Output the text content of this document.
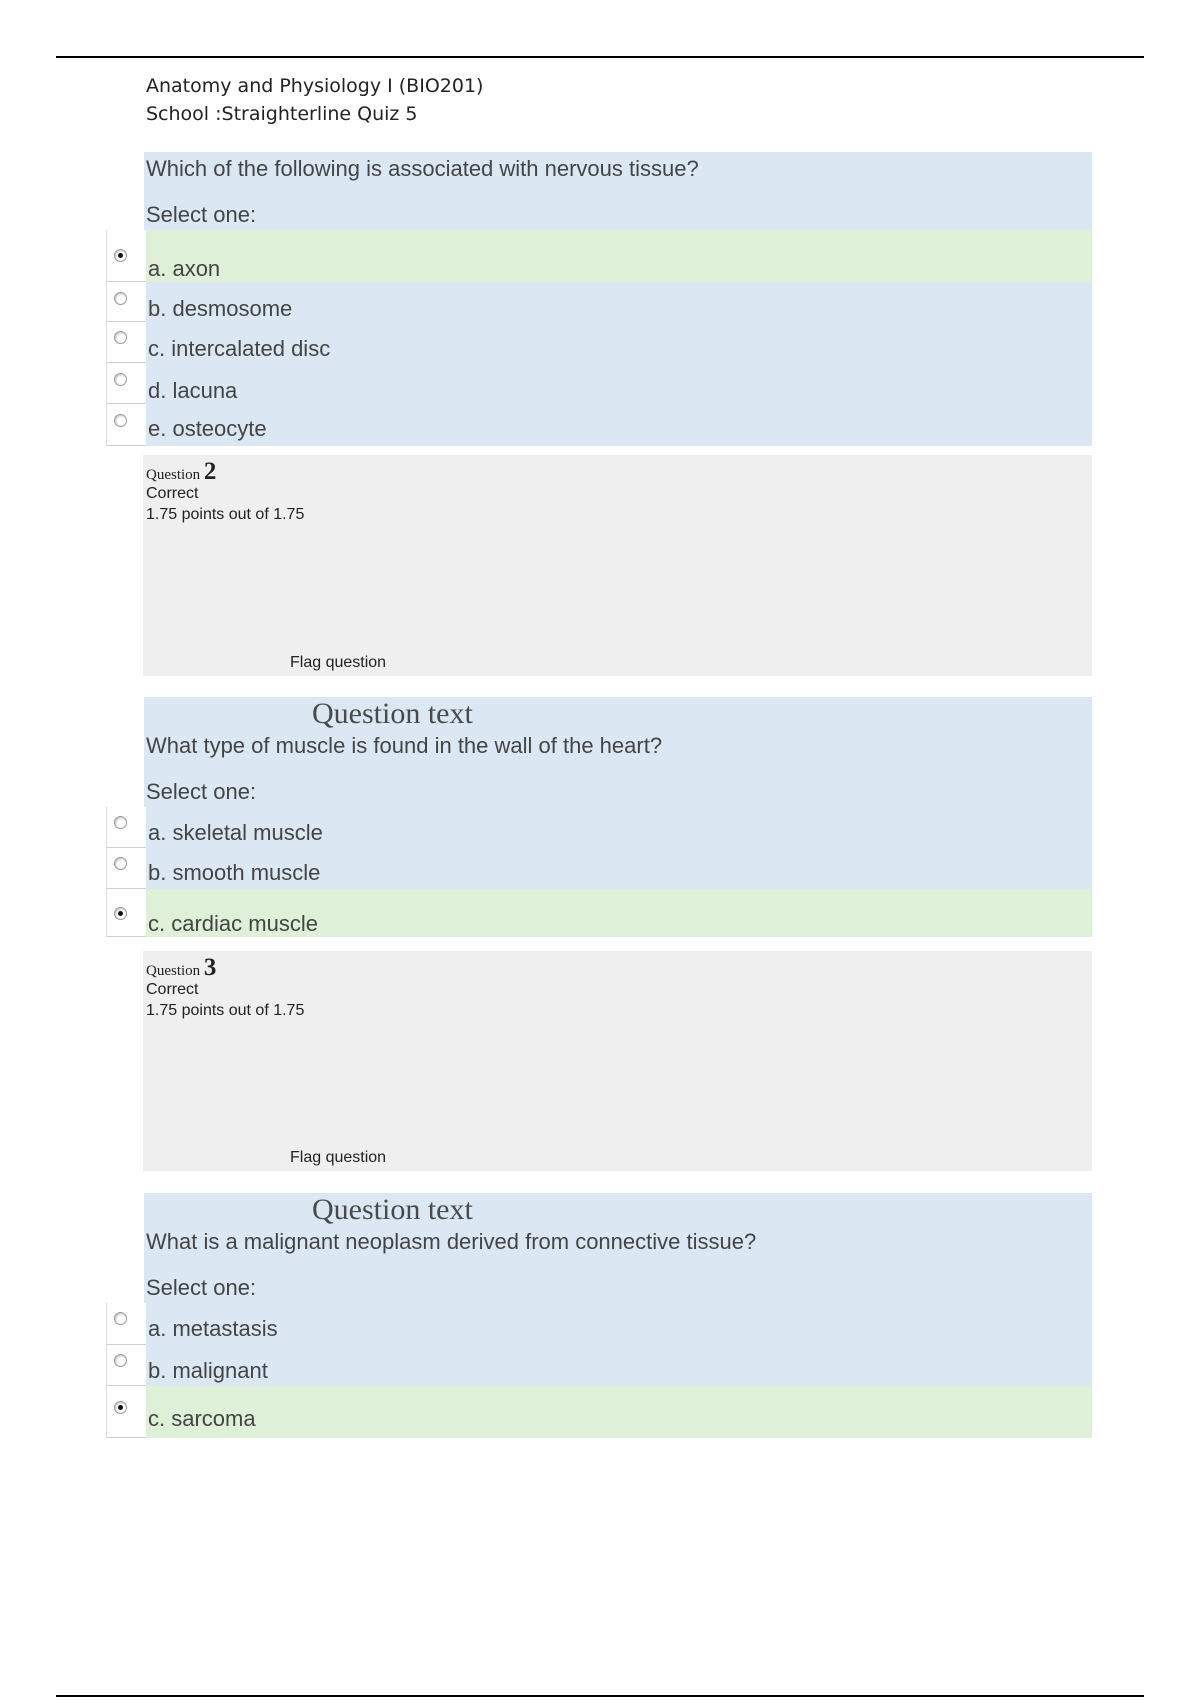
Anatomy and Physiology I (BIO201)
School :Straighterline Quiz 5
Which of the following is associated with nervous tissue?
Select one:
a. axon
b. desmosome
c. intercalated disc
d. lacuna
e. osteocyte
Question 2
Correct
1.75 points out of 1.75
Flag question
Question text
What type of muscle is found in the wall of the heart?
Select one:
a. skeletal muscle
b. smooth muscle
c. cardiac muscle
Question 3
Correct
1.75 points out of 1.75
Flag question
Question text
What is a malignant neoplasm derived from connective tissue?
Select one:
a. metastasis
b. malignant
c. sarcoma
